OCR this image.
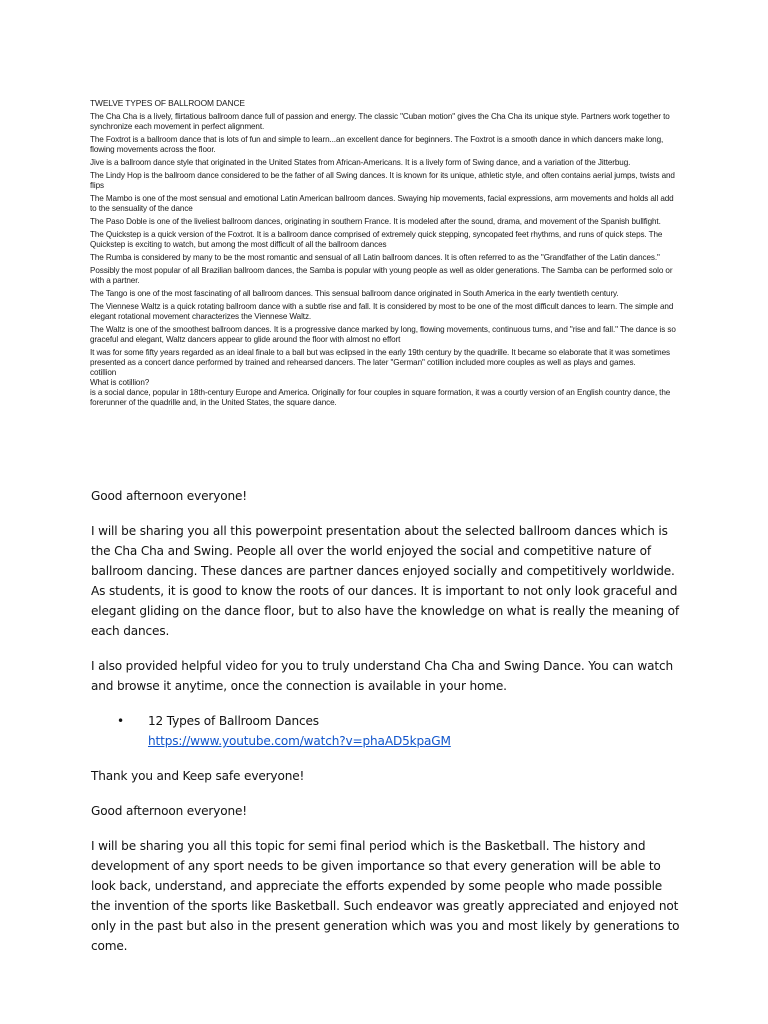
TWELVE TYPES OF BALLROOM DANCE

The Cha Cha is a lively, flirtatious ballroom dance full of passion and energy. The classic "Cuban motion" gives the Cha Cha its unique style. Partners work together to synchronize each movement in perfect alignment.

The Foxtrot is a ballroom dance that is lots of fun and simple to learn...an excellent dance for beginners. The Foxtrot is a smooth dance in which dancers make long, flowing movements across the floor.

Jive is a ballroom dance style that originated in the United States from African-Americans. It is a lively form of Swing dance, and a variation of the Jitterbug.

The Lindy Hop is the ballroom dance considered to be the father of all Swing dances. It is known for its unique, athletic style, and often contains aerial jumps, twists and flips

The Mambo is one of the most sensual and emotional Latin American ballroom dances. Swaying hip movements, facial expressions, arm movements and holds all add to the sensuality of the dance

The Paso Doble is one of the liveliest ballroom dances, originating in southern France. It is modeled after the sound, drama, and movement of the Spanish bullfight.

The Quickstep is a quick version of the Foxtrot. It is a ballroom dance comprised of extremely quick stepping, syncopated feet rhythms, and runs of quick steps. The Quickstep is exciting to watch, but among the most difficult of all the ballroom dances

The Rumba is considered by many to be the most romantic and sensual of all Latin ballroom dances. It is often referred to as the "Grandfather of the Latin dances."

Possibly the most popular of all Brazilian ballroom dances, the Samba is popular with young people as well as older generations. The Samba can be performed solo or with a partner.

The Tango is one of the most fascinating of all ballroom dances. This sensual ballroom dance originated in South America in the early twentieth century.

The Viennese Waltz is a quick rotating ballroom dance with a subtle rise and fall. It is considered by most to be one of the most difficult dances to learn. The simple and elegant rotational movement characterizes the Viennese Waltz.

The Waltz is one of the smoothest ballroom dances. It is a progressive dance marked by long, flowing movements, continuous turns, and "rise and fall." The dance is so graceful and elegant, Waltz dancers appear to glide around the floor with almost no effort

It was for some fifty years regarded as an ideal finale to a ball but was eclipsed in the early 19th century by the quadrille. It became so elaborate that it was sometimes presented as a concert dance performed by trained and rehearsed dancers. The later "German" cotillion included more couples as well as plays and games.

cotillion

What is cotillion?

is a social dance, popular in 18th-century Europe and America. Originally for four couples in square formation, it was a courtly version of an English country dance, the forerunner of the quadrille and, in the United States, the square dance.

Good afternoon everyone!

I will be sharing you all this powerpoint presentation about the selected ballroom dances which is the Cha Cha and Swing. People all over the world enjoyed the social and competitive nature of ballroom dancing. These dances are partner dances enjoyed socially and competitively worldwide. As students, it is good to know the roots of our dances. It is important to not only look graceful and elegant gliding on the dance floor, but to also have the knowledge on what is really the meaning of each dances.

I also provided helpful video for you to truly understand Cha Cha and Swing Dance. You can watch and browse it anytime, once the connection is available in your home.

• 12 Types of Ballroom Dances
https://www.youtube.com/watch?v=phaAD5kpaGM

Thank you and Keep safe everyone!

Good afternoon everyone!

I will be sharing you all this topic for semi final period which is the Basketball. The history and development of any sport needs to be given importance so that every generation will be able to look back, understand, and appreciate the efforts expended by some people who made possible the invention of the sports like Basketball. Such endeavor was greatly appreciated and enjoyed not only in the past but also in the present generation which was you and most likely by generations to come.
